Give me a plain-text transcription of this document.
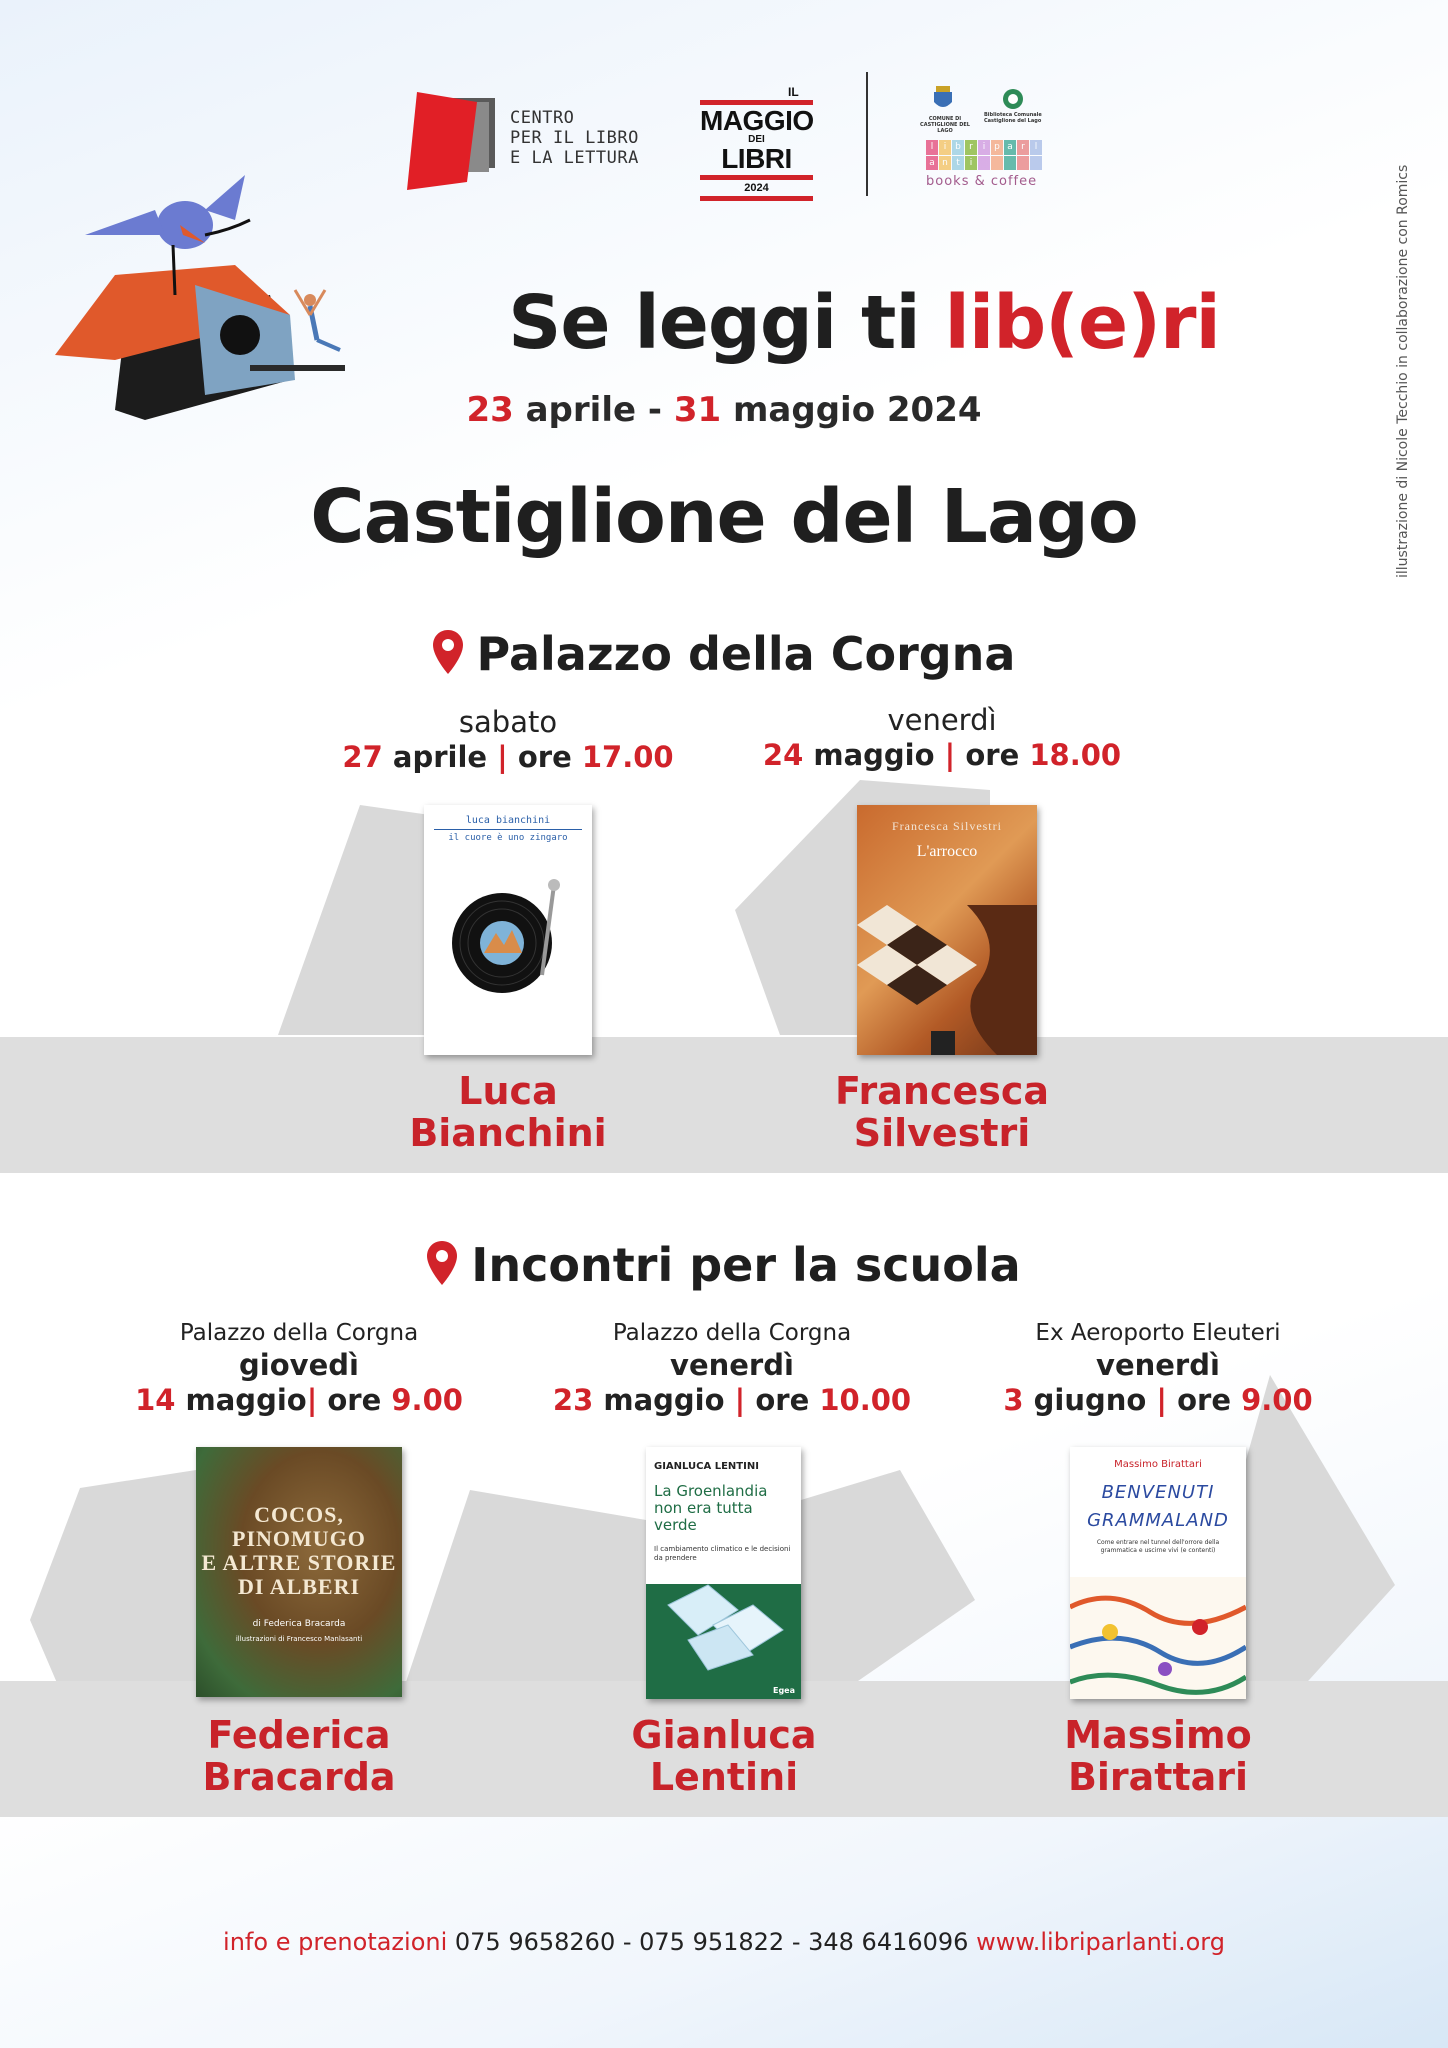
CENTRO
PER IL LIBRO
E LA LETTURA
IL
MAGGIO
DEI
LIBRI
2024
COMUNE DI CASTIGLIONE DEL LAGO
Biblioteca Comunale Castiglione del Lago
l	i b r	i p a r	l
a n t	i
books & coffee	illustrazione di Nicole Tecchio in collaborazione con Romics
Se leggi ti lib(e)ri
23 aprile - 31 maggio 2024
Castiglione del Lago
Palazzo della Corgna
sabato
27 aprile | ore 17.00
venerdì
24 maggio | ore 18.00
luca bianchini
il cuore è uno zingaro
Francesca Silvestri
L'arrocco
Luca
Bianchini
Francesca
Silvestri
Incontri per la scuola
Palazzo della Corgna
giovedì
14 maggio| ore 9.00
Palazzo della Corgna
venerdì
23 maggio | ore 10.00
Ex Aeroporto Eleuteri
venerdì
3 giugno | ore 9.00
COCOS,
PINOMUGO
E ALTRE STORIE
DI ALBERI
di Federica Bracarda
illustrazioni di Francesco Manlasanti
GIANLUCA LENTINI
La Groenlandia non era tutta verde
Il cambiamento climatico e le decisioni da prendere
Egea
Massimo Birattari
BENVENUTI
GRAMMALAND
Come entrare nel tunnel dell'orrore della grammatica e uscirne vivi (e contenti)
Federica
Bracarda
Gianluca
Lentini
Massimo
Birattari
info e prenotazioni 075 9658260 - 075 951822 - 348 6416096 www.libriparlanti.org
